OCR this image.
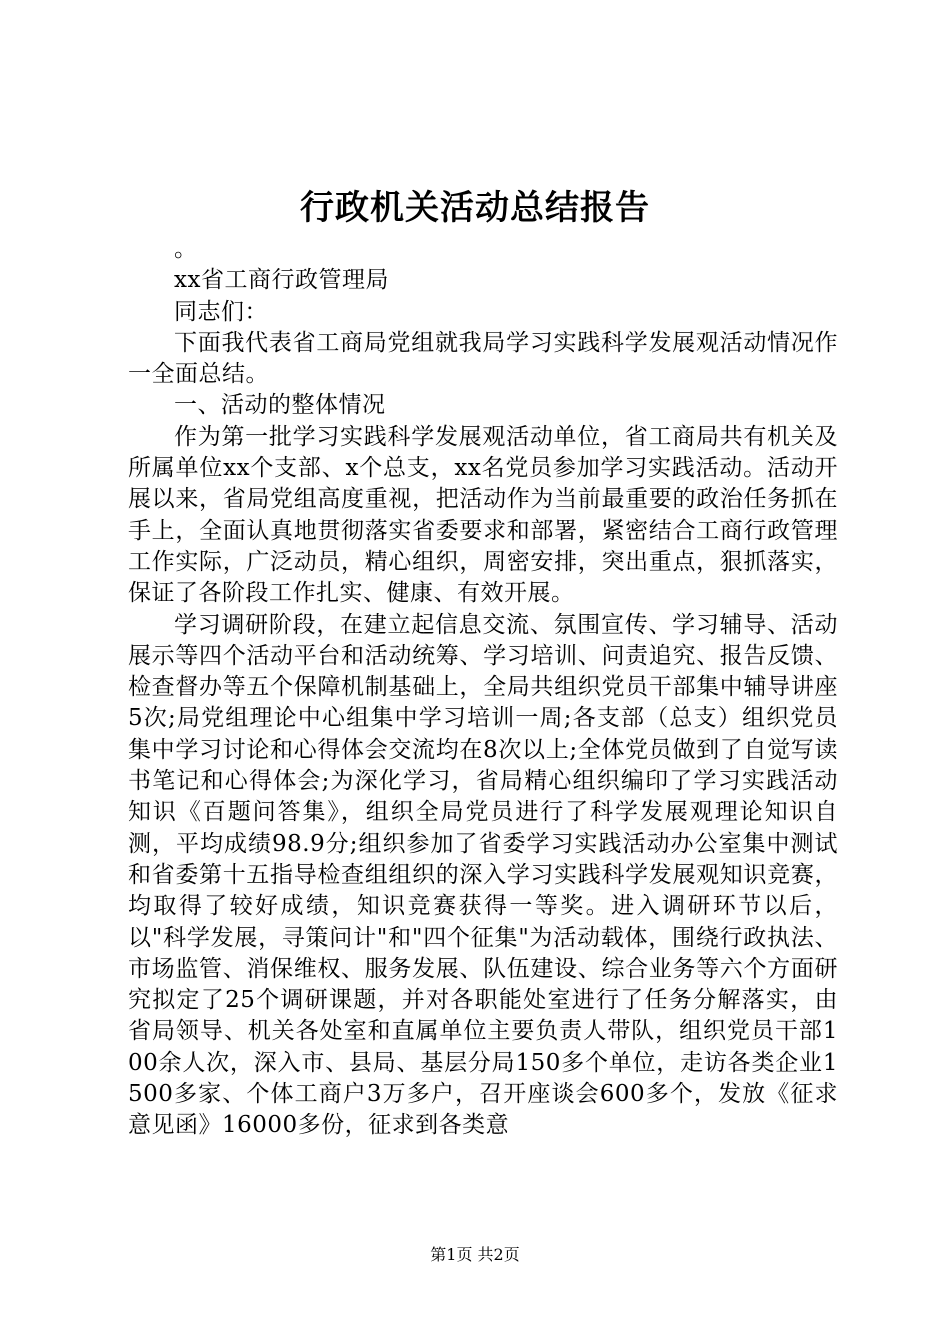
行政机关活动总结报告

。

xx省工商行政管理局

同志们：

下面我代表省工商局党组就我局学习实践科学发展观活动情况作一全面总结。

一、活动的整体情况

作为第一批学习实践科学发展观活动单位，省工商局共有机关及所属单位xx个支部、x个总支，xx名党员参加学习实践活动。活动开展以来，省局党组高度重视，把活动作为当前最重要的政治任务抓在手上，全面认真地贯彻落实省委要求和部署，紧密结合工商行政管理工作实际，广泛动员，精心组织，周密安排，突出重点，狠抓落实，保证了各阶段工作扎实、健康、有效开展。

学习调研阶段，在建立起信息交流、氛围宣传、学习辅导、活动展示等四个活动平台和活动统筹、学习培训、问责追究、报告反馈、检查督办等五个保障机制基础上，全局共组织党员干部集中辅导讲座5次;局党组理论中心组集中学习培训一周;各支部（总支）组织党员集中学习讨论和心得体会交流均在8次以上;全体党员做到了自觉写读书笔记和心得体会;为深化学习，省局精心组织编印了学习实践活动知识《百题问答集》，组织全局党员进行了科学发展观理论知识自测，平均成绩98.9分;组织参加了省委学习实践活动办公室集中测试和省委第十五指导检查组组织的深入学习实践科学发展观知识竞赛，均取得了较好成绩，知识竞赛获得一等奖。进入调研环节以后，以"科学发展，寻策问计"和"四个征集"为活动载体，围绕行政执法、市场监管、消保维权、服务发展、队伍建设、综合业务等六个方面研究拟定了25个调研课题，并对各职能处室进行了任务分解落实，由省局领导、机关各处室和直属单位主要负责人带队，组织党员干部100余人次，深入市、县局、基层分局150多个单位，走访各类企业1500多家、个体工商户3万多户，召开座谈会600多个，发放《征求意见函》16000多份，征求到各类意

第1页 共2页
